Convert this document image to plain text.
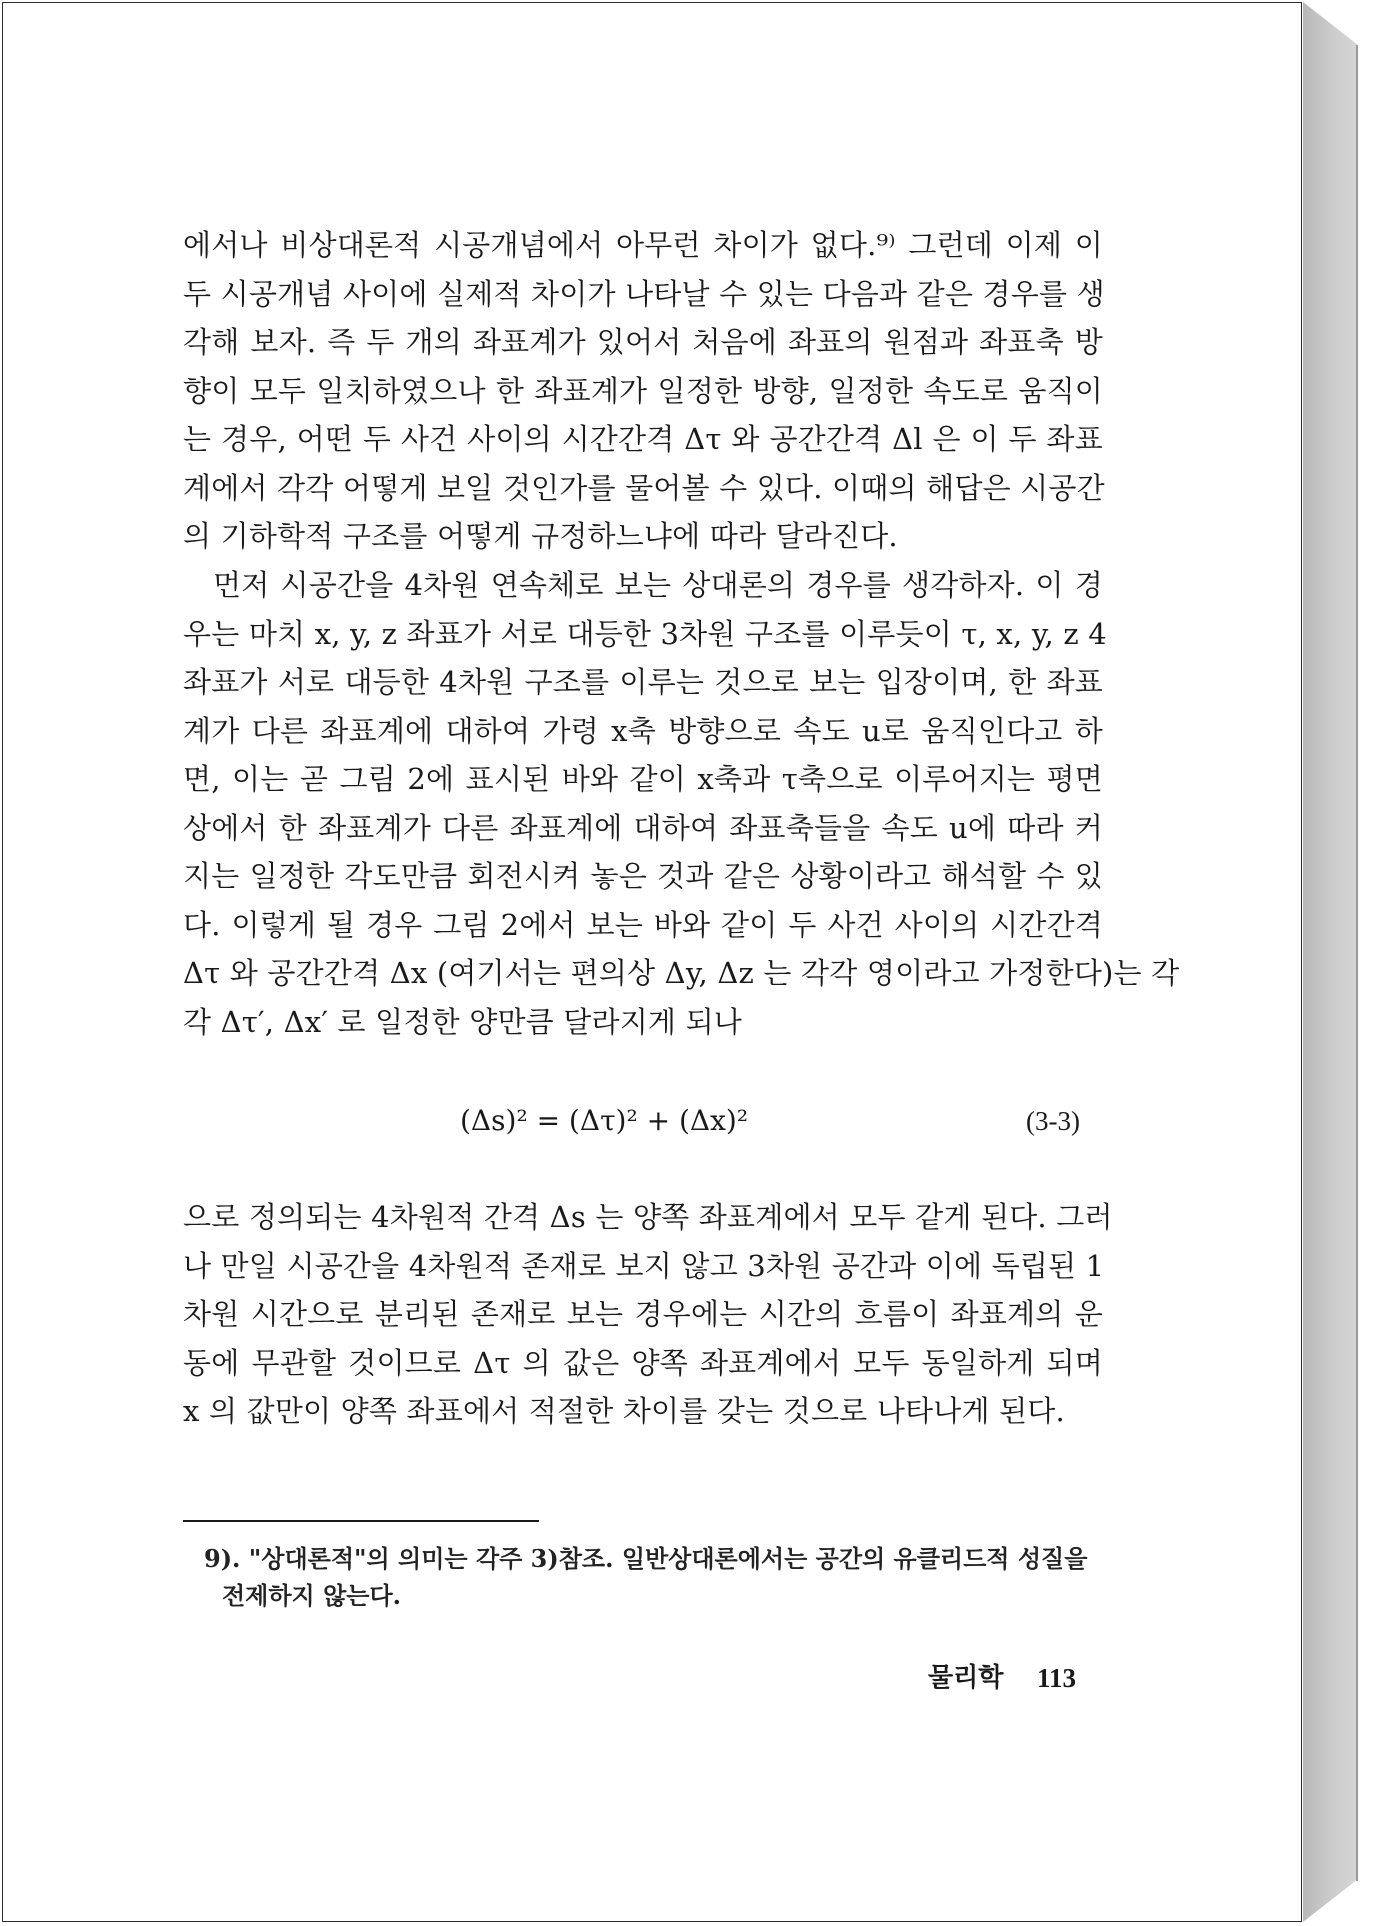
에서나 비상대론적 시공개념에서 아무런 차이가 없다.⁹⁾ 그런데 이제 이
두 시공개념 사이에 실제적 차이가 나타날 수 있는 다음과 같은 경우를 생
각해 보자. 즉 두 개의 좌표계가 있어서 처음에 좌표의 원점과 좌표축 방
향이 모두 일치하였으나 한 좌표계가 일정한 방향, 일정한 속도로 움직이
는 경우, 어떤 두 사건 사이의 시간간격 Δτ 와 공간간격 Δl 은 이 두 좌표
계에서 각각 어떻게 보일 것인가를 물어볼 수 있다. 이때의 해답은 시공간
의 기하학적 구조를 어떻게 규정하느냐에 따라 달라진다.
먼저 시공간을 4차원 연속체로 보는 상대론의 경우를 생각하자. 이 경
우는 마치 x, y, z 좌표가 서로 대등한 3차원 구조를 이루듯이 τ, x, y, z 4
좌표가 서로 대등한 4차원 구조를 이루는 것으로 보는 입장이며, 한 좌표
계가 다른 좌표계에 대하여 가령 x축 방향으로 속도 u로 움직인다고 하
면, 이는 곧 그림 2에 표시된 바와 같이 x축과 τ축으로 이루어지는 평면
상에서 한 좌표계가 다른 좌표계에 대하여 좌표축들을 속도 u에 따라 커
지는 일정한 각도만큼 회전시켜 놓은 것과 같은 상황이라고 해석할 수 있
다. 이렇게 될 경우 그림 2에서 보는 바와 같이 두 사건 사이의 시간간격
Δτ 와 공간간격 Δx (여기서는 편의상 Δy, Δz 는 각각 영이라고 가정한다)는 각
각 Δτ′, Δx′ 로 일정한 양만큼 달라지게 되나
(Δs)² = (Δτ)² + (Δx)²	(3-3)
으로 정의되는 4차원적 간격 Δs 는 양쪽 좌표계에서 모두 같게 된다. 그러
나 만일 시공간을 4차원적 존재로 보지 않고 3차원 공간과 이에 독립된 1
차원 시간으로 분리된 존재로 보는 경우에는 시간의 흐름이 좌표계의 운
동에 무관할 것이므로 Δτ 의 값은 양쪽 좌표계에서 모두 동일하게 되며
x 의 값만이 양쪽 좌표에서 적절한 차이를 갖는 것으로 나타나게 된다.
9). "상대론적"의 의미는 각주 3)참조. 일반상대론에서는 공간의 유클리드적 성질을
전제하지 않는다.
물리학 113
